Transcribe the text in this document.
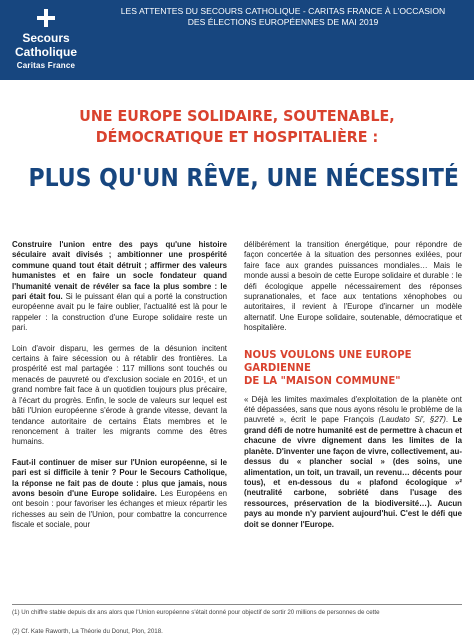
Secours
Catholique
Caritas France
LES ATTENTES DU SECOURS CATHOLIQUE - CARITAS FRANCE À L'OCCASION
DES ÉLECTIONS EUROPÉENNES DE MAI 2019
UNE EUROPE SOLIDAIRE, SOUTENABLE,
DÉMOCRATIQUE ET HOSPITALIÈRE :
PLUS QU'UN RÊVE, UNE NÉCESSITÉ

Construire l'union entre des pays qu'une histoire séculaire avait divisés ; ambitionner une prospérité commune quand tout était détruit ; affirmer des valeurs humanistes et en faire un socle fondateur quand l'humanité venait de révéler sa face la plus sombre : le pari était fou. Si le puissant élan qui a porté la construction européenne avait pu le faire oublier, l'actualité est là pour le rappeler : la construction d'une Europe solidaire reste un pari.

Loin d'avoir disparu, les germes de la désunion incitent certains à faire sécession ou à rétablir des frontières. La prospérité est mal partagée : 117 millions sont touchés ou menacés de pauvreté ou d'exclusion sociale en 2016¹, et un grand nombre fait face à un quotidien toujours plus précaire, à l'écart du progrès. Enfin, le socle de valeurs sur lequel est bâti l'Union européenne s'érode à grande vitesse, devant la tendance autoritaire de certains États membres et le renoncement à traiter les migrants comme des êtres humains.

Faut-il continuer de miser sur l'Union européenne, si le pari est si difficile à tenir ? Pour le Secours Catholique, la réponse ne fait pas de doute : plus que jamais, nous avons besoin d'une Europe solidaire. Les Européens en ont besoin : pour favoriser les échanges et mieux répartir les richesses au sein de l'Union, pour combattre la concurrence fiscale et sociale, pour

délibérément la transition énergétique, pour répondre de façon concertée à la situation des personnes exilées, pour faire face aux grandes puissances mondiales… Mais le monde aussi a besoin de cette Europe solidaire et durable : le défi écologique appelle nécessairement des réponses supranationales, et face aux tentations xénophobes ou autoritaires, il revient à l'Europe d'incarner un modèle alternatif. Une Europe solidaire, soutenable, démocratique et hospitalière.

NOUS VOULONS UNE EUROPE GARDIENNE
DE LA "MAISON COMMUNE"

« Déjà les limites maximales d'exploitation de la planète ont été dépassées, sans que nous ayons résolu le problème de la pauvreté », écrit le pape François (Laudato Si', §27). Le grand défi de notre humanité est de permettre à chacun et chacune de vivre dignement dans les limites de la planète. D'inventer une façon de vivre, collectivement, au-dessus du « plancher social » (des soins, une alimentation, un toit, un travail, un revenu… décents pour tous), et en-dessous du « plafond écologique »² (neutralité carbone, sobriété dans l'usage des ressources, préservation de la biodiversité…). Aucun pays au monde n'y parvient aujourd'hui. C'est le défi que doit se donner l'Europe.

(1) Un chiffre stable depuis dix ans alors que l'Union européenne s'était donné pour objectif de sortir 20 millions de personnes de cette
(2) Cf. Kate Raworth, La Théorie du Donut, Plon, 2018.
